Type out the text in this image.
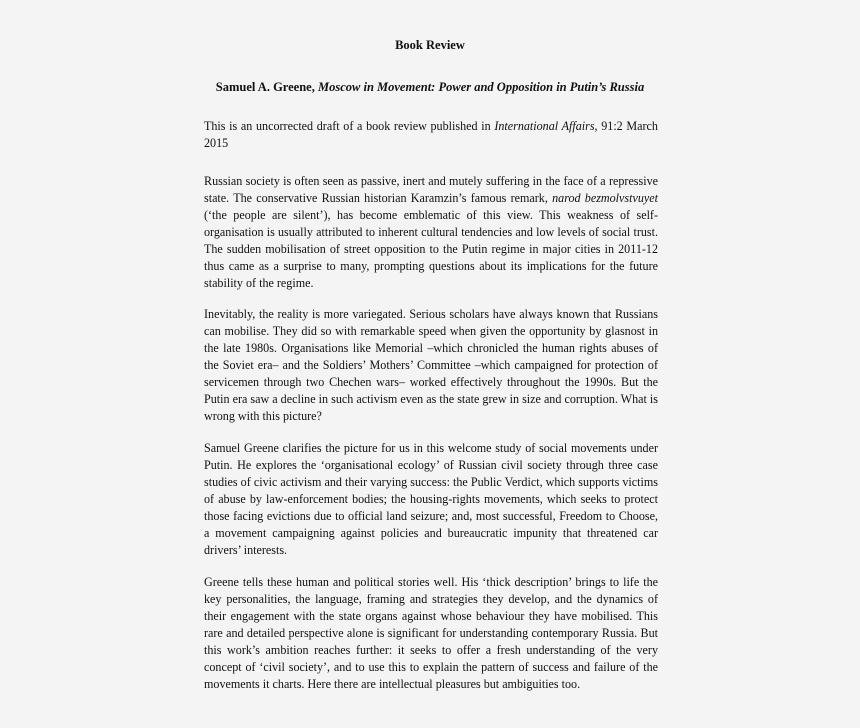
Book Review
Samuel A. Greene, Moscow in Movement: Power and Opposition in Putin’s Russia

This is an uncorrected draft of a book review published in International Affairs, 91:2 March 2015

Russian society is often seen as passive, inert and mutely suffering in the face of a repressive state. The conservative Russian historian Karamzin’s famous remark, narod bezmolvstvuyet (‘the people are silent’), has become emblematic of this view. This weakness of self-organisation is usually attributed to inherent cultural tendencies and low levels of social trust. The sudden mobilisation of street opposition to the Putin regime in major cities in 2011-12 thus came as a surprise to many, prompting questions about its implications for the future stability of the regime.

Inevitably, the reality is more variegated. Serious scholars have always known that Russians can mobilise. They did so with remarkable speed when given the opportunity by glasnost in the late 1980s. Organisations like Memorial –which chronicled the human rights abuses of the Soviet era– and the Soldiers’ Mothers’ Committee –which campaigned for protection of servicemen through two Chechen wars– worked effectively throughout the 1990s. But the Putin era saw a decline in such activism even as the state grew in size and corruption. What is wrong with this picture?

Samuel Greene clarifies the picture for us in this welcome study of social movements under Putin. He explores the ‘organisational ecology’ of Russian civil society through three case studies of civic activism and their varying success: the Public Verdict, which supports victims of abuse by law-enforcement bodies; the housing-rights movements, which seeks to protect those facing evictions due to official land seizure; and, most successful, Freedom to Choose, a movement campaigning against policies and bureaucratic impunity that threatened car drivers’ interests.

Greene tells these human and political stories well. His ‘thick description’ brings to life the key personalities, the language, framing and strategies they develop, and the dynamics of their engagement with the state organs against whose behaviour they have mobilised. This rare and detailed perspective alone is significant for understanding contemporary Russia. But this work’s ambition reaches further: it seeks to offer a fresh understanding of the very concept of ‘civil society’, and to use this to explain the pattern of success and failure of the movements it charts. Here there are intellectual pleasures but ambiguities too.
